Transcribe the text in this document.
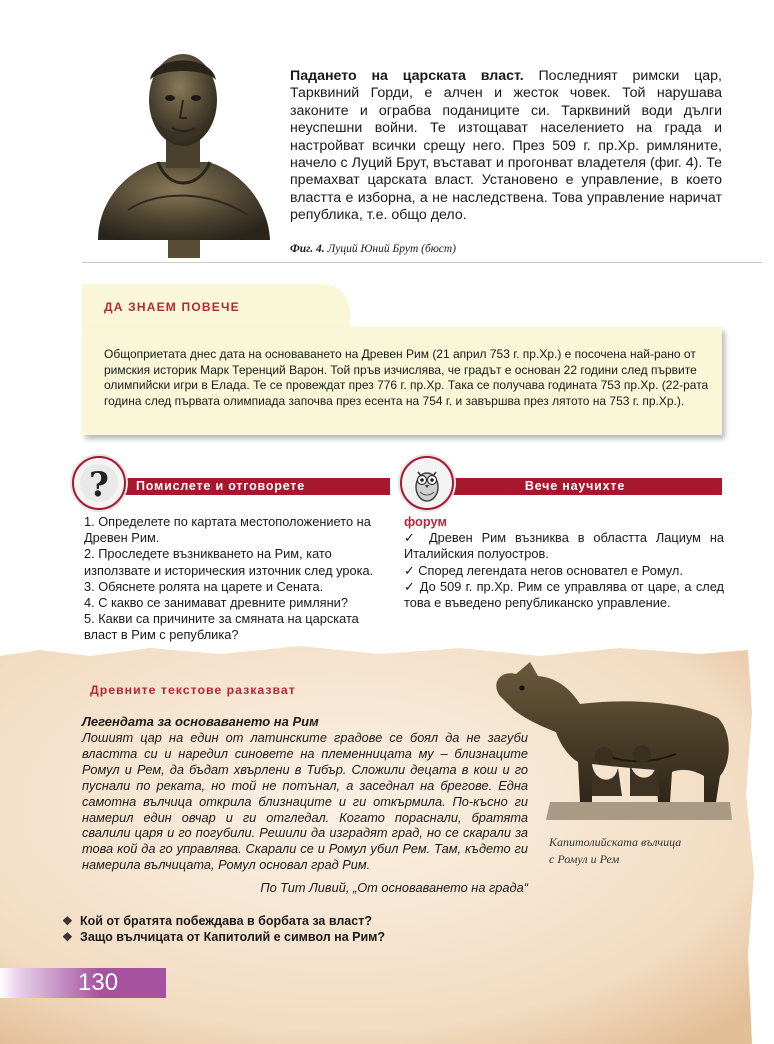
Падането на царската власт. Последният римски цар, Тарквиний Горди, е алчен и жесток човек. Той нарушава законите и ограбва поданиците си. Тарквиний води дълги неуспешни войни. Те изтощават населението на града и настройват всички срещу него. През 509 г. пр.Хр. римляните, начело с Луций Брут, въстават и прогонват владетеля (фиг. 4). Те премахват царската власт. Установено е управление, в което властта е изборна, а не наследствена. Това управление наричат република, т.е. общо дело.
Фиг. 4. Луций Юний Брут (бюст)
ДА ЗНАЕМ ПОВЕЧЕ
Общоприетата днес дата на основаването на Древен Рим (21 април 753 г. пр.Хр.) е посочена най-рано от римския историк Марк Теренций Варон. Той пръв изчислява, че градът е основан 22 години след първите олимпийски игри в Елада. Те се провеждат през 776 г. пр.Хр. Така се получава годината 753 пр.Хр. (22-рата година след първата олимпиада започва през есента на 754 г. и завършва през лятото на 753 г. пр.Хр.).
Помислете и отговорете
?

1. Определете по картата местоположението на Древен Рим.

2. Проследете възникването на Рим, като използвате и историческия източник след урока.

3. Обяснете ролята на царете и Сената.

4. С какво се занимават древните римляни?

5. Какви са причините за смяната на царската власт в Рим с република?

Вече научихте

форум

✓ Древен Рим възниква в областта Лациум на Италийския полуостров.

✓ Според легендата негов основател е Ромул.

✓ До 509 г. пр.Хр. Рим се управлява от царе, а след това е въведено републиканско управление.

Древните текстове разказват
Легендата за основаването на Рим
Лошият цар на един от латинските градове се боял да не загуби властта си и наредил синовете на племенницата му – близнаците Ромул и Рем, да бъдат хвърлени в Тибър. Сложили децата в кош и го пуснали по реката, но той не потънал, а заседнал на брегове. Една самотна вълчица открила близнаците и ги откърмила. По-късно ги намерил един овчар и ги отгледал. Когато пораснали, братята свалили царя и го погубили. Решили да изградят град, но се скарали за това кой да го управлява. Скарали се и Ромул убил Рем. Там, където ги намерила вълчицата, Ромул основал град Рим.
По Тит Ливий, „От основаването на града“
Капитолийската вълчица
с Ромул и Рем
❖ Кой от братята побеждава в борбата за власт?
❖ Защо вълчицата от Капитолий е символ на Рим?
130
